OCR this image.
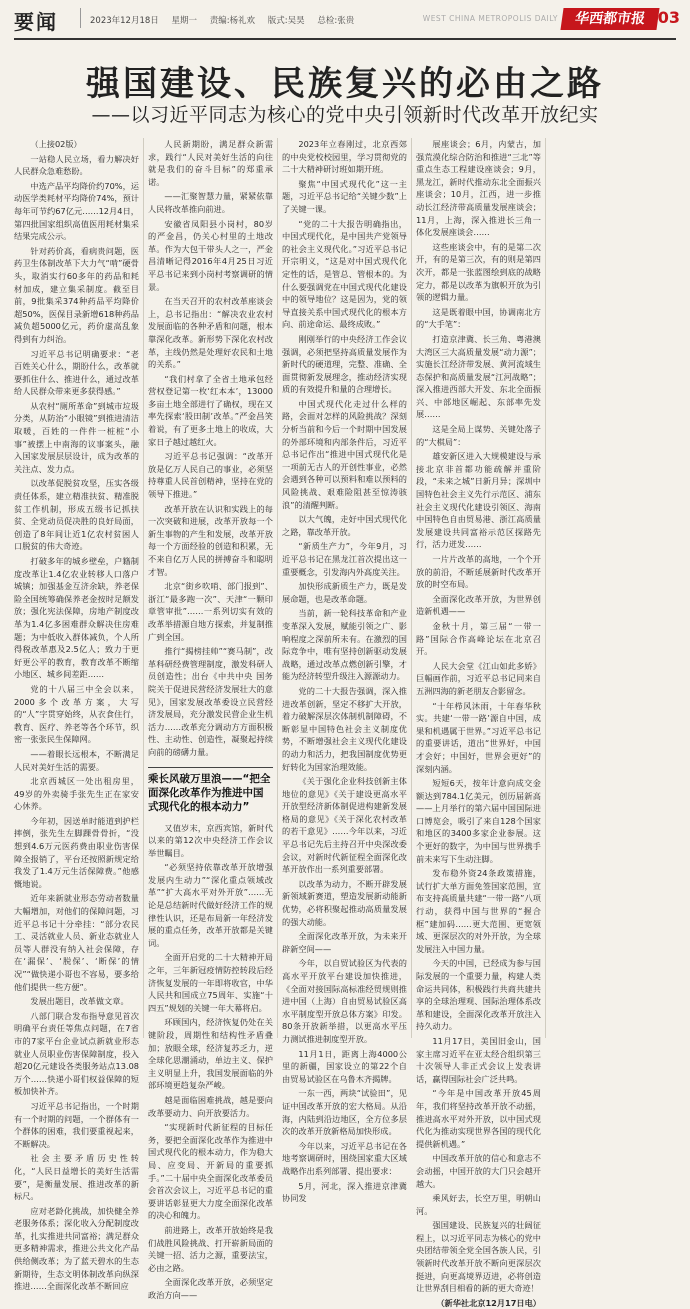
要闻	2023年12月18日 星期一 责编:杨礼欢 版式:吴昊 总检:张贵	WEST CHINA METROPOLIS DAILY	华西都市报 03
强国建设、民族复兴的必由之路
——以习近平同志为核心的党中央引领新时代改革开放纪实

（上接02版）

一站稳人民立场，看力解决好人民群众急难愁盼。

中选产品平均降价约70%，运动医学类耗材平均降价74%，预计每年可节约67亿元……12月4日，第四批国家组织高值医用耗材集采结果完成公示。

针对药价高，看病贵问题，医药卫生体制改革下大力气“啃”硬骨头，取消实行60多年的药品和耗材加成，建立集采制度。截至目前，9批集采374种药品平均降价超50%，医保目录新增618种药品减负超5000亿元，药价虚高乱象得到有力纠治。

习近平总书记明确要求：“老百姓关心什么，期盼什么，改革就要抓住什么、推进什么，通过改革给人民群众带来更多获得感。”

从农村“厕所革命”到城市垃圾分类，从防治“小眼镜”到推进清洁取暖，百姓的一件件一桩桩“小事”被摆上中南海的议事案头，融入国家发展层层设计，成为改革的关注点、发力点。

以改革促脱贫攻坚，压实各级责任体系，建立精准扶贫、精准脱贫工作机制，形成五级书记抓扶贫、全党动员促决胜的良好局面，创造了8年间让近1亿农村贫困人口脱贫的伟大奇迹。

打破多年的城乡壁垒，户籍制度改革让1.4亿农业转移人口落户城镇；加强基金互济余缺，养老保险全国统筹确保养老金按时足额发放；强化宪法保障，房地产制度改革为1.4亿多困难群众解决住房难题；为中低收入群体减负，个人所得税改革惠及2.5亿人；致力于更好更公平的教育，教育改革不断缩小地区、城乡间差距……

党的十八届三中全会以来，2000多个改革方案，大写的“人”字贯穿始终，从衣食住行，教育、医疗、养老等各个环节，织密一张张民生保障网。

——着眼长远根本，不断满足人民对美好生活的需要。

北京西城区一处出租房里，49岁的外卖骑手张先生正在家安心休养。

今年初，因送单时能道到护栏摔倒，张先生左脚踝骨骨折，“没想到4.6万元医药费由职业伤害保障全报销了，平台还按照新规定给我发了1.4万元生活保障费。”他感慨地说。

近年来新就业形态劳动者数量大幅增加，对他们的保障问题，习近平总书记十分牵挂：“部分农民工、灵活就业人员、新业态就业人员等人群没有纳入社会保障，存在‘漏保’、‘脱保’、‘断保’的情况”“做快递小哥也不容易，要多给他们提供一些方便”。

发展出题目，改革做文章。

八部门联合发布指导意见首次明确平台责任等焦点问题，在7省市的7家平台企业试点新就业形态就业人员职业伤害保障制度，投入超20亿元建设各类服务站点13.08万个……快递小哥们权益保障的短板加快补齐。

习近平总书记指出，一个时期有一个时期的问题，一个群体有一个群体的困难，我们要重视起来，不断解决。

社会主要矛盾历史性转化，“人民日益增长的美好生活需要”，是衡量发展、推进改革的新标尺。

应对老龄化挑战，加快健全养老服务体系；深化收入分配制度改革，扎实推进共同富裕；满足群众更多精神需求，推进公共文化产品供给侧改革；为了蓝天碧水的生态新期待，生态文明体制改革向纵深推进……全面深化改革不断回应

人民新期盼，满足群众新需求，践行“人民对美好生活的向往就是我们的奋斗目标”的郑重承诺。

——汇聚智慧力量，紧紧依靠人民将改革推向前进。

安徽省凤阳县小岗村，80岁的严金昌，仍关心村里的土地改革。作为大包干带头人之一，严金昌清晰记得2016年4月25日习近平总书记来到小岗村考察调研的情景。

在当天召开的农村改革座谈会上，总书记指出：“解决农业农村发展面临的各种矛盾和问题，根本靠深化改革。新形势下深化农村改革，主线仍然是处理好农民和土地的关系。”

“我们村拿了全省土地承包经营权登记第一枚‘红本本’，13000多亩土地全部进行了确权，现在又率先探索‘股田制’改革。”严金昌笑着说，有了更多土地上的收成，大家日子越过越红火。

习近平总书记强调：“改革开放是亿万人民自己的事业，必须坚持尊重人民首创精神，坚持在党的领导下推进。”

改革开放在认识和实践上的每一次突破和进展，改革开放每一个新生事物的产生和发展，改革开放每一个方面经验的创造和积累，无不来自亿万人民的拼搏奋斗和聪明才智。

北京“街乡吹哨、部门报到”、浙江“最多跑一次”、天津“一颗印章管审批”……一系列切实有效的改革举措源自地方探索，并复制推广到全国。

推行“揭榜挂帅”“赛马制”，改革科研经费管理制度，激发科研人员创造性；出台《中共中央 国务院关于促进民营经济发展壮大的意见》，国家发展改革委设立民营经济发展局，充分激发民营企业生机活力……改革充分调动方方面积极性、主动性、创造性，凝聚起持续向前的磅礴力量。

乘长风破万里浪——“把全面深化改革作为推进中国式现代化的根本动力”

又值岁末，京西宾馆，新时代以来的第12次中央经济工作会议举世瞩目。

“必须坚持依靠改革开放增强发展内生动力”“深化重点领域改革”“扩大高水平对外开放”……无论是总结新时代做好经济工作的规律性认识，还是布局新一年经济发展的重点任务，改革开放都是关键词。

全面开启党的二十大精神开局之年，三年新冠疫情防控转段后经济恢复发展的一年即将收官，中华人民共和国成立75周年、实施“十四五”规划的关键一年大幕将启。

环顾国内，经济恢复仍处在关键阶段，周期性和结构性矛盾叠加；放眼全球，经济复苏乏力，逆全球化思潮涌动，单边主义、保护主义明显上升，我国发展面临的外部环境更趋复杂严峻。

越是面临困难挑战，越是要向改革要动力、向开放要活力。

“实现新时代新征程的目标任务，要把全面深化改革作为推进中国式现代化的根本动力，作为稳大局、应变局、开新局的重要抓手。”二十届中央全面深化改革委员会首次会议上，习近平总书记的重要讲话彰显更大力度全面深化改革的决心和魄力。

前进路上，改革开放始终是我们战胜风险挑战、打开崭新局面的关键一招、活力之源，重要法宝，必由之路。

全面深化改革开放，必须坚定政治方向——

2023年立春刚过，北京西郊的中央党校校园里，学习贯彻党的二十大精神研讨班如期开班。

聚焦“中国式现代化”这一主题，习近平总书记给“关键少数”上了关键一课。

“党的二十大报告明确指出，中国式现代化，是中国共产党领导的社会主义现代化。”习近平总书记开宗明义，“这是对中国式现代化定性的话，是管总、管根本的。为什么要强调党在中国式现代化建设中的领导地位？这是因为，党的领导直接关系中国式现代化的根本方向、前途命运、最终成败。”

刚刚举行的中央经济工作会议强调，必须把坚持高质量发展作为新时代的硬道理，完整、准确、全面贯彻新发展理念，推动经济实现质的有效提升和量的合理增长。

中国式现代化走过什么样的路，会面对怎样的风险挑战？深刻分析当前和今后一个时期中国发展的外部环境和内部条件后，习近平总书记作出“推进中国式现代化是一项前无古人的开创性事业，必然会遇到各种可以预料和难以预料的风险挑战、艰难险阻甚至惊涛骇浪”的清醒判断。

以大气魄，走好中国式现代化之路，靠改革开放。

“新质生产力”，今年9月，习近平总书记在黑龙江首次提出这一重要概念，引发海内外高度关注。

加快形成新质生产力，既是发展命题，也是改革命题。

当前，新一轮科技革命和产业变革深入发展，赋能引领之广、影响程度之深前所未有。在激烈的国际竞争中，唯有坚持创新驱动发展战略，通过改革点燃创新引擎，才能为经济转型升级注入源源动力。

党的二十大报告强调，深入推进改革创新，坚定不移扩大开放，着力破解深层次体制机制障碍，不断彰显中国特色社会主义制度优势，不断增强社会主义现代化建设的动力和活力，把我国制度优势更好转化为国家治理效能。

《关于强化企业科技创新主体地位的意见》《关于建设更高水平开放型经济新体制促进构建新发展格局的意见》《关于深化农村改革的若干意见》……今年以来，习近平总书记先后主持召开中央深改委会议，对新时代新征程全面深化改革开放作出一系列重要部署。

以改革为动力，不断开辟发展新领域新赛道，塑造发展新动能新优势，必将积聚起推动高质量发展的强大动能。

全面深化改革开放，为未来开辟新空间——

今年，以自贸试验区为代表的高水平开放平台建设加快推进，《全面对接国际高标准经贸规则推进中国（上海）自由贸易试验区高水平制度型开放总体方案》印发。80条开放新举措，以更高水平压力测试推进制度型开放。

11月1日，距离上海4000公里的新疆，国家设立的第22个自由贸易试验区在乌鲁木齐揭牌。

一东一西，两块“试验田”，见证中国改革开放的宏大格局。从沿海，内陆到沿边地区，全方位多层次的改革开放新格局加快形成。

今年以来，习近平总书记在各地考察调研时，围绕国家重大区域战略作出系列部署、提出要求：

5月，河北，深入推进京津冀协同发

展座谈会；6月，内蒙古，加强荒漠化综合防治和推进“三北”等重点生态工程建设座谈会；9月，黑龙江，新时代推动东北全面振兴座谈会；10月，江西，进一步推动长江经济带高质量发展座谈会；11月，上海，深入推进长三角一体化发展座谈会……

这些座谈会中，有的是第二次开，有的是第三次，有的则是第四次开，都是一张蓝图绘到底的战略定力，都是以改革为旗帜开放为引领的逻辑力量。

这是既着眼中国，协调南北方的“大手笔”：

打造京津冀、长三角、粤港澳大湾区三大高质量发展“动力源”；实施长江经济带发展、黄河流域生态保护和高质量发展“江河战略”；深入推进西部大开发、东北全面振兴、中部地区崛起、东部率先发展……

这是全局上谋势、关键处落子的“大棋局”：

雄安新区进入大规模建设与承接北京非首都功能疏解并重阶段，“未来之城”日新月异；深圳中国特色社会主义先行示范区、浦东社会主义现代化建设引领区、海南中国特色自由贸易港、浙江高质量发展建设共同富裕示范区探路先行，活力迸发……

一片片改革的高地，一个个开放的前沿，不断延展新时代改革开放的时空布局。

全面深化改革开放，为世界创造新机遇——

金秋十月，第三届“一带一路”国际合作高峰论坛在北京召开。

人民大会堂《江山如此多娇》巨幅画作前，习近平总书记同来自五洲四海的新老朋友合影留念。

“十年栉风沐雨，十年春华秋实。共建‘一带一路’源自中国，成果和机遇属于世界。”习近平总书记的重要讲话，道出“世界好，中国才会好；中国好，世界会更好”的深刻内涵。

短短6天，按年计意向成交金额达到784.1亿美元，创历届新高——上月举行的第六届中国国际进口博览会，吸引了来自128个国家和地区的3400多家企业参展。这个更好的数字，为中国与世界携手前未来写下生动注脚。

发布稳外资24条政策措施，试行扩大单方面免签国家范围，宣布支持高质量共建“一带一路”八项行动，获得中国与世界的“握合框”建加码……更大范围、更宽领域、更深层次的对外开放，为全球发展注入中国力量。

今天的中国，已经成为参与国际发展的一个重要力量，构建人类命运共同体，积极践行共商共建共享的全球治理观、国际治理体系改革和建设，全面深化改革开放注入持久动力。

11月17日，美国旧金山，国家主席习近平在亚太经合组织第三十次领导人非正式会议上发表讲话，赢得国际社会广泛共鸣。

“今年是中国改革开放45周年，我们将坚持改革开放不动摇，推进高水平对外开放，以中国式现代化为推动实现世界各国的现代化提供新机遇。”

中国改革开放的信心和意志不会动摇，中国开放的大门只会越开越大。

乘风好去，长空万里，明朝山河。

强国建设、民族复兴的壮阔征程上，以习近平同志为核心的党中央团结带领全党全国各族人民，引领新时代改革开放不断向更深层次挺进，向更高境界迈进，必将创造让世界刮目相看的新的更大奇迹！

（新华社北京12月17日电）
